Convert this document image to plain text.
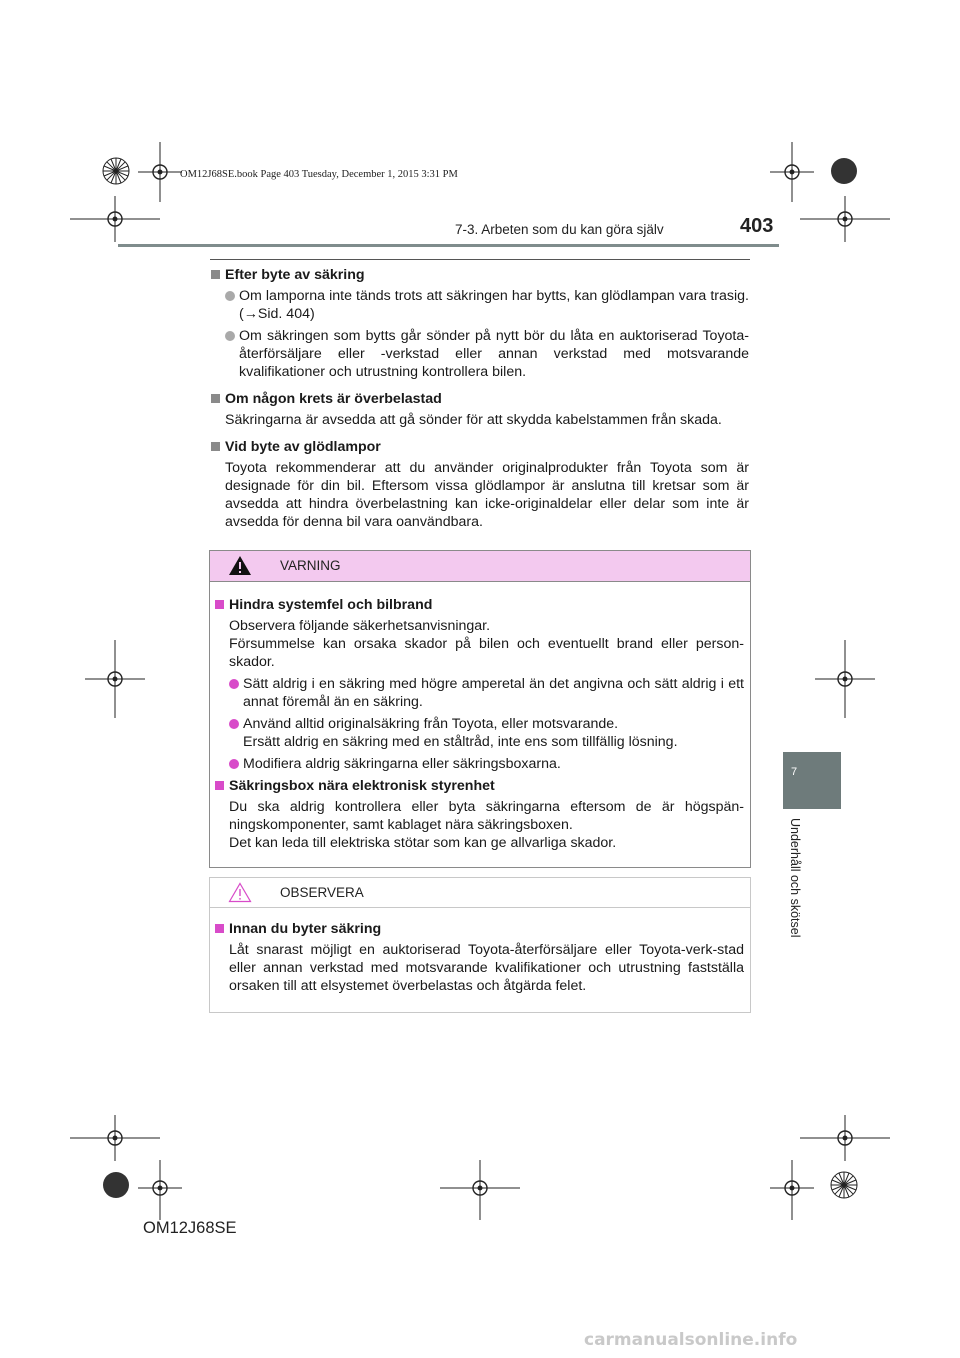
OM12J68SE.book Page 403 Tuesday, December 1, 2015 3:31 PM
7-3. Arbeten som du kan göra själv	403
7
Underhåll och skötsel
Efter byte av säkring
Om lamporna inte tänds trots att säkringen har bytts, kan glödlampan vara trasig. (→Sid. 404)
Om säkringen som bytts går sönder på nytt bör du låta en auktoriserad Toyota-återförsäljare eller -verkstad eller annan verkstad med motsvarande kvalifikationer och utrustning kontrollera bilen.
Om någon krets är överbelastad
Säkringarna är avsedda att gå sönder för att skydda kabelstammen från skada.
Vid byte av glödlampor
Toyota rekommenderar att du använder originalprodukter från Toyota som är designade för din bil. Eftersom vissa glödlampor är anslutna till kretsar som är avsedda att hindra överbelastning kan icke-originaldelar eller delar som inte är avsedda för denna bil vara oanvändbara.
VARNING
Hindra systemfel och bilbrand
Observera följande säkerhetsanvisningar.
Försummelse kan orsaka skador på bilen och eventuellt brand eller person-skador.
Sätt aldrig i en säkring med högre amperetal än det angivna och sätt aldrig i ett annat föremål än en säkring.
Använd alltid originalsäkring från Toyota, eller motsvarande.
Ersätt aldrig en säkring med en ståltråd, inte ens som tillfällig lösning.
Modifiera aldrig säkringarna eller säkringsboxarna.
Säkringsbox nära elektronisk styrenhet
Du ska aldrig kontrollera eller byta säkringarna eftersom de är högspän-ningskomponenter, samt kablaget nära säkringsboxen.
Det kan leda till elektriska stötar som kan ge allvarliga skador.
OBSERVERA
Innan du byter säkring
Låt snarast möjligt en auktoriserad Toyota-återförsäljare eller Toyota-verk-stad eller annan verkstad med motsvarande kvalifikationer och utrustning fastställa orsaken till att elsystemet överbelastas och åtgärda felet.
OM12J68SE
carmanualsonline.info
